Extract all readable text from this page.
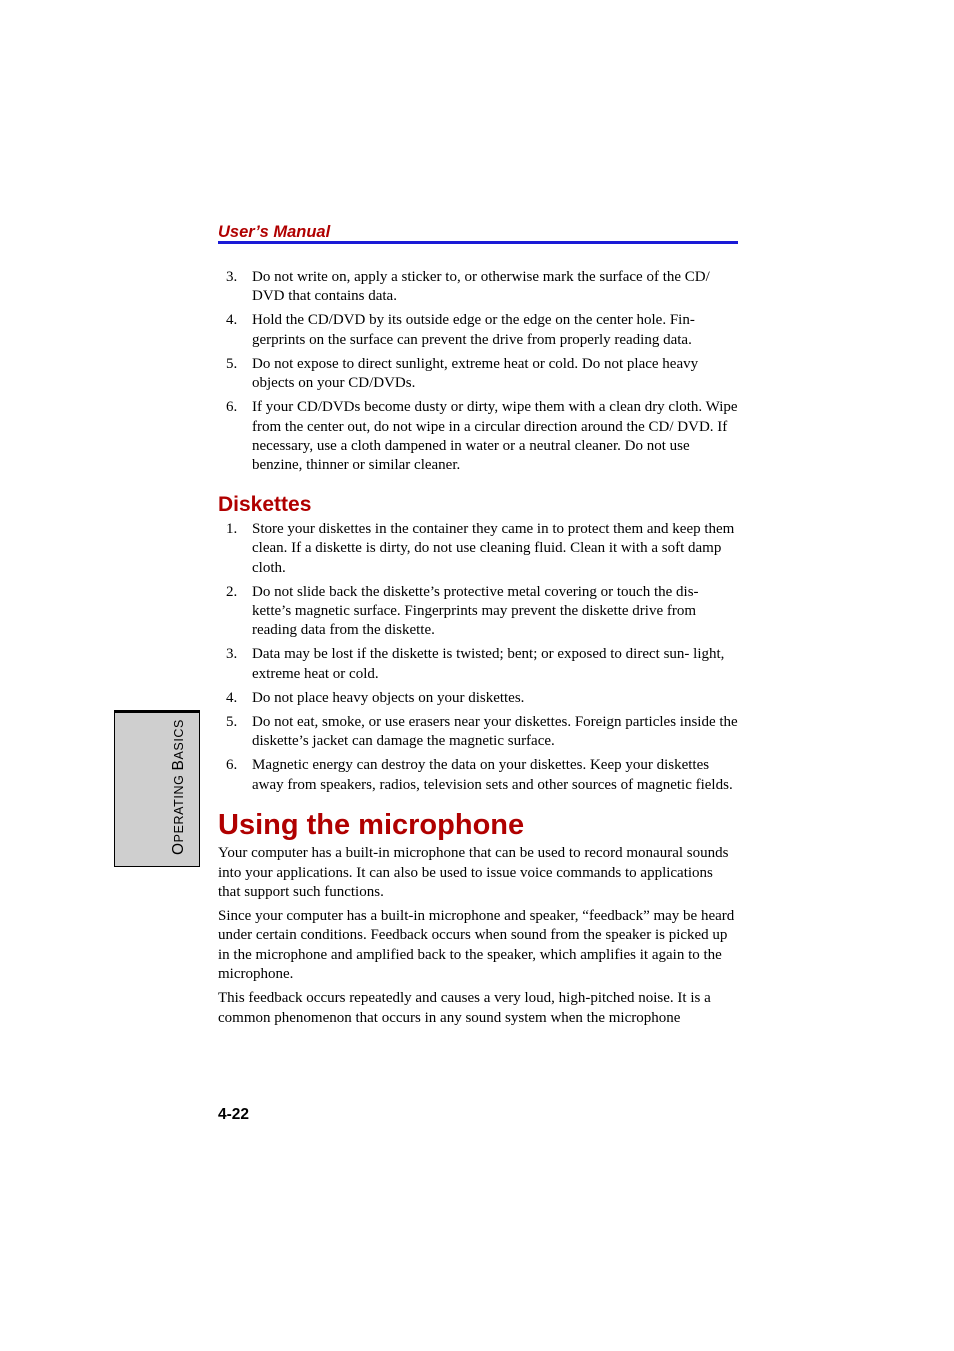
User’s Manual
OPERATING BASICS
3. Do not write on, apply a sticker to, or otherwise mark the surface of the CD/ DVD that contains data.
4. Hold the CD/DVD by its outside edge or the edge on the center hole. Fin- gerprints on the surface can prevent the drive from properly reading data.
5. Do not expose to direct sunlight, extreme heat or cold. Do not place heavy objects on your CD/DVDs.
6. If your CD/DVDs become dusty or dirty, wipe them with a clean dry cloth. Wipe from the center out, do not wipe in a circular direction around the CD/ DVD. If necessary, use a cloth dampened in water or a neutral cleaner. Do not use benzine, thinner or similar cleaner.
Diskettes
1. Store your diskettes in the container they came in to protect them and keep them clean. If a diskette is dirty, do not use cleaning fluid. Clean it with a soft damp cloth.
2. Do not slide back the diskette’s protective metal covering or touch the dis- kette’s magnetic surface. Fingerprints may prevent the diskette drive from reading data from the diskette.
3. Data may be lost if the diskette is twisted; bent; or exposed to direct sun- light, extreme heat or cold.
4. Do not place heavy objects on your diskettes.
5. Do not eat, smoke, or use erasers near your diskettes. Foreign particles inside the diskette’s jacket can damage the magnetic surface.
6. Magnetic energy can destroy the data on your diskettes. Keep your diskettes away from speakers, radios, television sets and other sources of magnetic fields.
Using the microphone

Your computer has a built-in microphone that can be used to record monaural sounds into your applications. It can also be used to issue voice commands to applications that support such functions.

Since your computer has a built-in microphone and speaker, “feedback” may be heard under certain conditions. Feedback occurs when sound from the speaker is picked up in the microphone and amplified back to the speaker, which amplifies it again to the microphone.

This feedback occurs repeatedly and causes a very loud, high-pitched noise. It is a common phenomenon that occurs in any sound system when the microphone

4-22
